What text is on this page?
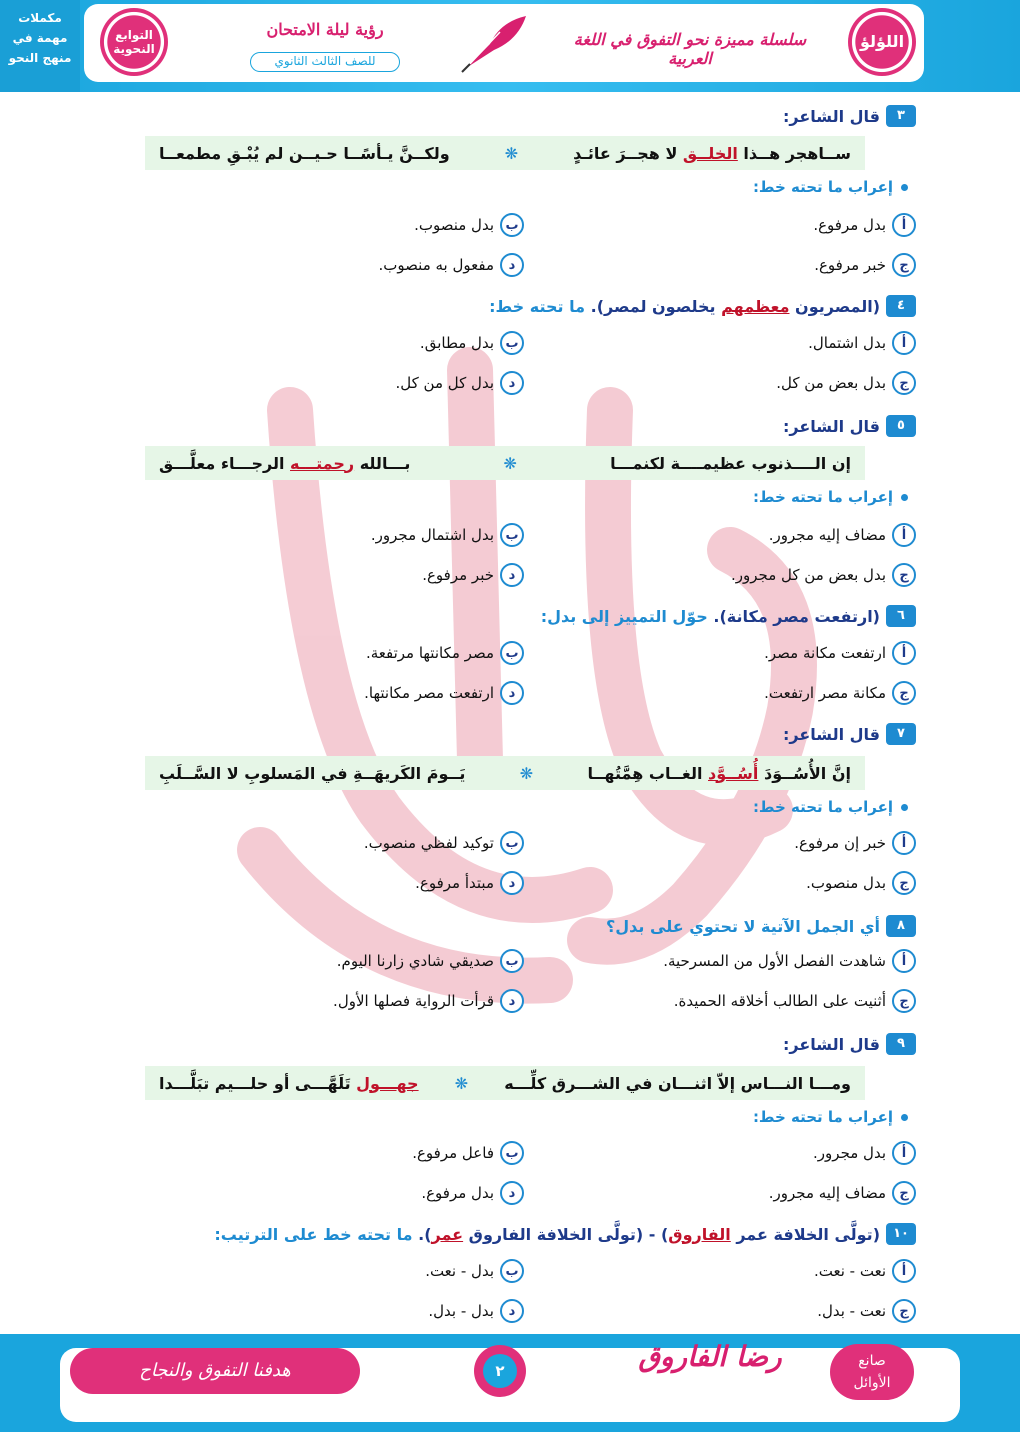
مكملات
مهمة في
منهج النحو
التوابع النحوية
رؤية ليلة الامتحان
للصف الثالث الثانوي
سلسلة مميزة نحو التفوق في اللغة العربية
اللؤلؤ
٣
قال الشاعر:
ســاهجر هــذا الخلــق لا هجــرَ عائـدٍ
❋
ولكــنَّ يـأسًــا حـيــن لم يُبْـقِ مطمعــا
إعراب ما تحته خط:
أ
بدل مرفوع.
ب
بدل منصوب.
ج
خبر مرفوع.
د
مفعول به منصوب.
٤
(المصريون معظمهم يخلصون لمصر). ما تحته خط:
أ
بدل اشتمال.
ب
بدل مطابق.
ج
بدل بعض من كل.
د
بدل كل من كل.
٥
قال الشاعر:
إن الــــذنوب عظيمــــة لكنمـــا
❋
بـــالله رحمتـــه الرجـــاء معلَّـــق
إعراب ما تحته خط:
أ
مضاف إليه مجرور.
ب
بدل اشتمال مجرور.
ج
بدل بعض من كل مجرور.
د
خبر مرفوع.
٦
(ارتفعت مصر مكانة). حوّل التمييز إلى بدل:
أ
ارتفعت مكانة مصر.
ب
مصر مكانتها مرتفعة.
ج
مكانة مصر ارتفعت.
د
ارتفعت مصر مكانتها.
٧
قال الشاعر:
إنَّ الأُسُــوَدَ أُسُــوَّد الغــاب هِمَّتُهــا
❋
يَــومَ الكَريهَــةِ في المَسلوبِ لا السَّــلَبِ
إعراب ما تحته خط:
أ
خبر إن مرفوع.
ب
توكيد لفظي منصوب.
ج
بدل منصوب.
د
مبتدأ مرفوع.
٨
أي الجمل الآتية لا تحتوي على بدل؟
أ
شاهدت الفصل الأول من المسرحية.
ب
صديقي شادي زارنا اليوم.
ج
أثنيت على الطالب أخلاقه الحميدة.
د
قرأت الرواية فصلها الأول.
٩
قال الشاعر:
ومـــا النـــاس إلاّ اثنـــان في الشـــرق كلِّـــه
❋
جهـــول تَلَهَّـــى أو حلـــيم تبَلَّـــدا
إعراب ما تحته خط:
أ
بدل مجرور.
ب
فاعل مرفوع.
ج
مضاف إليه مجرور.
د
بدل مرفوع.
١٠
(تولَّى الخلافة عمر الفاروق) - (تولَّى الخلافة الفاروق عمر). ما تحته خط على الترتيب:
أ
نعت - نعت.
ب
بدل - نعت.
ج
نعت - بدل.
د
بدل - بدل.
هدفنا التفوق والنجاح	٢	رضا الفاروق	صانع
الأوائل
